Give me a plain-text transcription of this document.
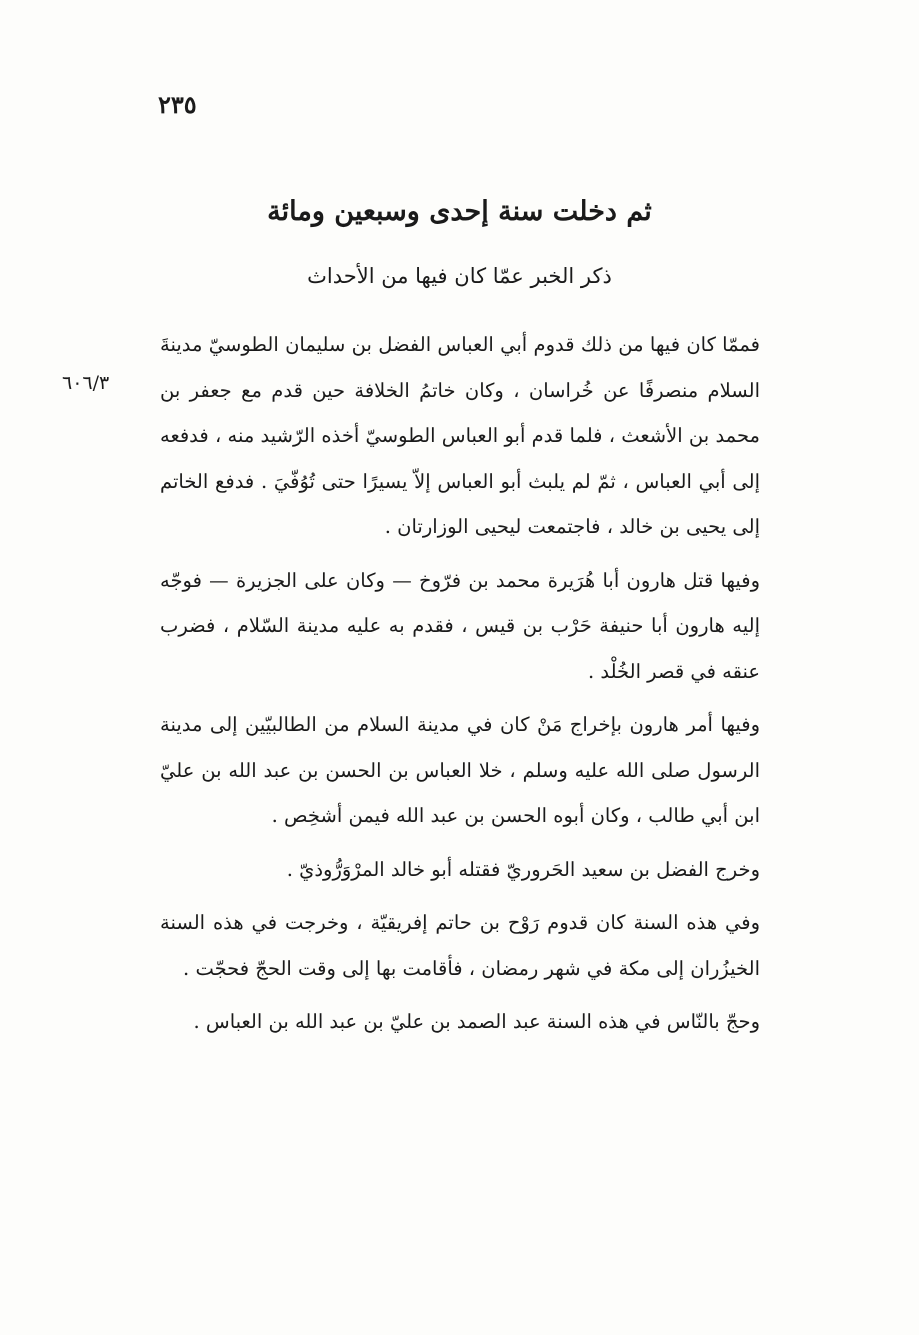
٢٣٥
٦٠٦/٣
ثم دخلت سنة إحدى وسبعين ومائة
ذكر الخبر عمّا كان فيها من الأحداث

فممّا كان فيها من ذلك قدوم أبي العباس الفضل بن سليمان الطوسيّ مدينةَ السلام منصرفًا عن خُراسان ، وكان خاتمُ الخلافة حين قدم مع جعفر بن محمد بن الأشعث ، فلما قدم أبو العباس الطوسيّ أخذه الرّشيد منه ، فدفعه إلى أبي العباس ، ثمّ لم يلبث أبو العباس إلاّ يسيرًا حتى تُوُفّيَ . فدفع الخاتم إلى يحيى بن خالد ، فاجتمعت ليحيى الوزارتان .

وفيها قتل هارون أبا هُرَيرة محمد بن فرّوخ — وكان على الجزيرة — فوجّه إليه هارون أبا حنيفة حَرْب بن قيس ، فقدم به عليه مدينة السّلام ، فضرب عنقه في قصر الخُلْد .

وفيها أمر هارون بإخراج مَنْ كان في مدينة السلام من الطالبيّين إلى مدينة الرسول صلى الله عليه وسلم ، خلا العباس بن الحسن بن عبد الله بن عليّ ابن أبي طالب ، وكان أبوه الحسن بن عبد الله فيمن أشخِص .

وخرج الفضل بن سعيد الحَروريّ فقتله أبو خالد المرْوَرُّوذيّ .

وفي هذه السنة كان قدوم رَوْح بن حاتم إفريقيّة ، وخرجت في هذه السنة الخيزُران إلى مكة في شهر رمضان ، فأقامت بها إلى وقت الحجّ فحجّت .

وحجّ بالنّاس في هذه السنة عبد الصمد بن عليّ بن عبد الله بن العباس .
